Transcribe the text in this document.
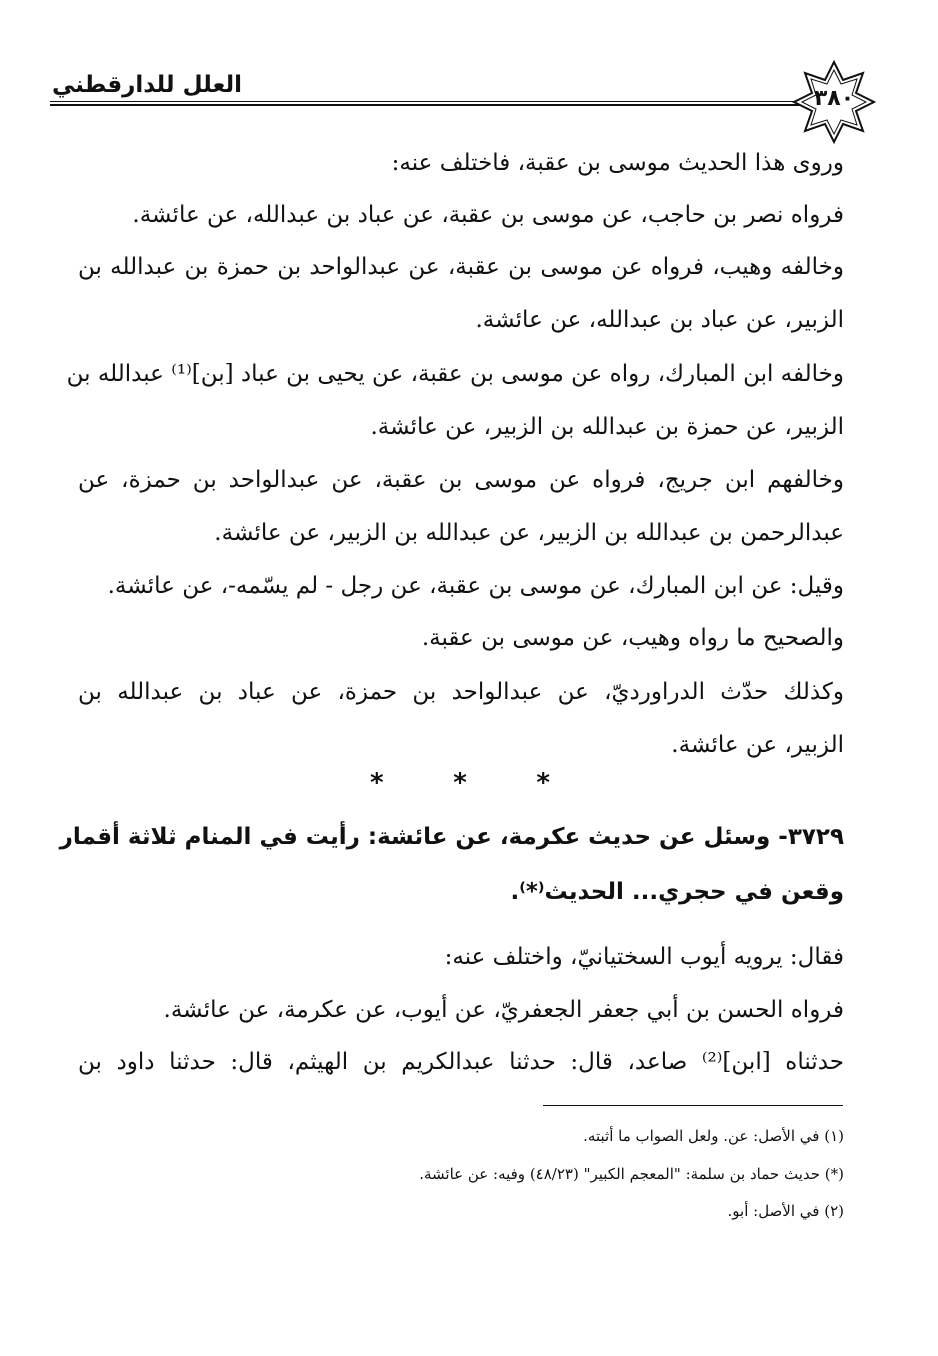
العلل للدارقطني
٣٨٠
وروى هذا الحديث موسى بن عقبة، فاختلف عنه:
فرواه نصر بن حاجب، عن موسى بن عقبة، عن عباد بن عبدالله، عن عائشة.
وخالفه وهيب، فرواه عن موسى بن عقبة، عن عبدالواحد بن حمزة بن عبدالله بن
الزبير، عن عباد بن عبدالله، عن عائشة.
وخالفه ابن المبارك، رواه عن موسى بن عقبة، عن يحيى بن عباد [بن]⁽¹⁾ عبدالله بن
الزبير، عن حمزة بن عبدالله بن الزبير، عن عائشة.
وخالفهم ابن جريج، فرواه عن موسى بن عقبة، عن عبدالواحد بن حمزة، عن
عبدالرحمن بن عبدالله بن الزبير، عن عبدالله بن الزبير، عن عائشة.
وقيل: عن ابن المبارك، عن موسى بن عقبة، عن رجل - لم يسّمه-، عن عائشة.
والصحيح ما رواه وهيب، عن موسى بن عقبة.
وكذلك حدّث الدراورديّ، عن عبدالواحد بن حمزة، عن عباد بن عبدالله بن
الزبير، عن عائشة.
*	*	*
٣٧٢٩- وسئل عن حديث عكرمة، عن عائشة: رأيت في المنام ثلاثة أقمار
وقعن في حجري... الحديث⁽*⁾.
فقال: يرويه أيوب السختيانيّ، واختلف عنه:
فرواه الحسن بن أبي جعفر الجعفريّ، عن أيوب، عن عكرمة، عن عائشة.
حدثناه [ابن]⁽²⁾ صاعد، قال: حدثنا عبدالكريم بن الهيثم، قال: حدثنا داود بن
(١) في الأصل: عن. ولعل الصواب ما أثبته.
(*) حديث حماد بن سلمة: "المعجم الكبير" (٤٨/٢٣) وفيه: عن عائشة.
(٢) في الأصل: أبو.
